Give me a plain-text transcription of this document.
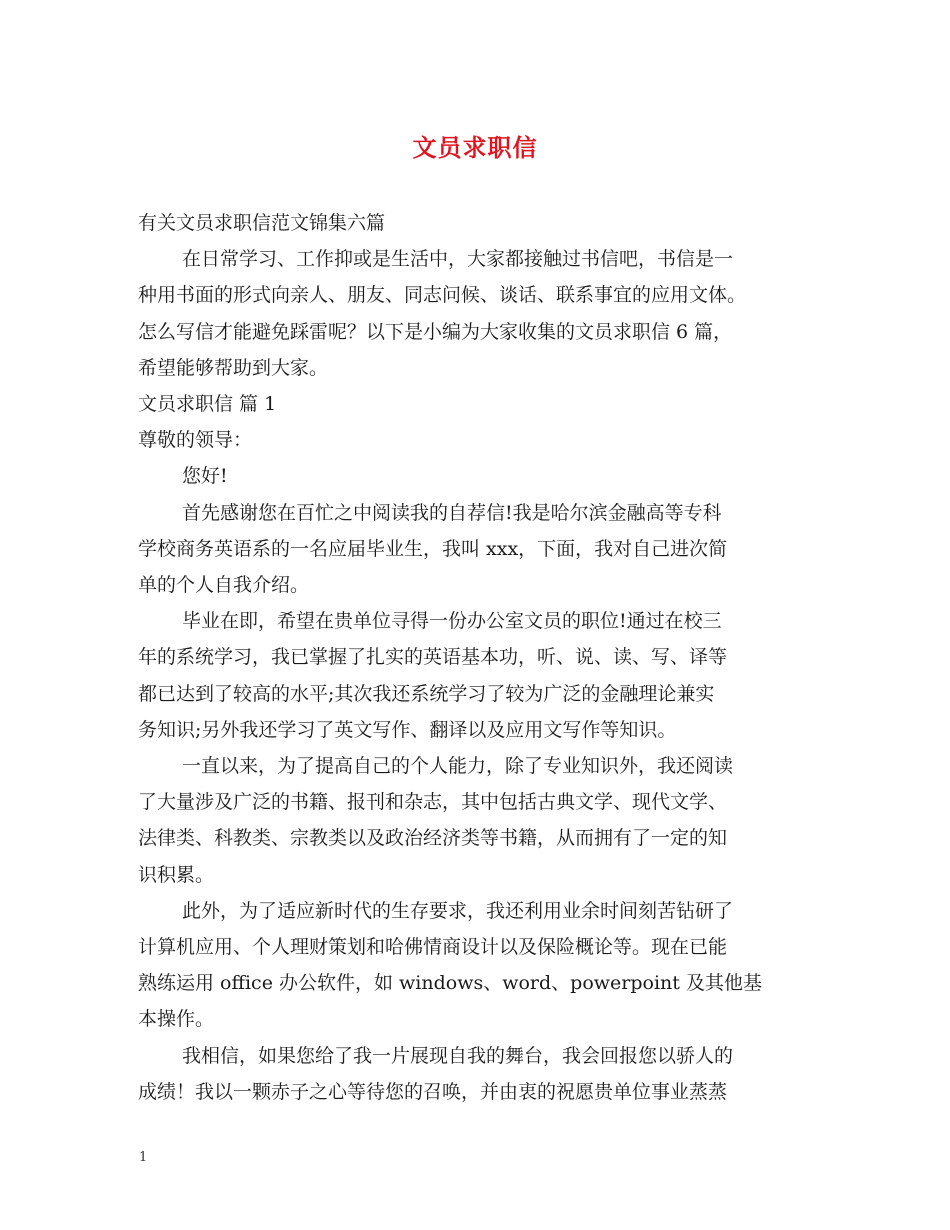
文员求职信
有关文员求职信范文锦集六篇
在日常学习、工作抑或是生活中，大家都接触过书信吧，书信是一
种用书面的形式向亲人、朋友、同志问候、谈话、联系事宜的应用文体。
怎么写信才能避免踩雷呢？以下是小编为大家收集的文员求职信 6 篇，
希望能够帮助到大家。
文员求职信 篇 1
尊敬的领导：
您好!
首先感谢您在百忙之中阅读我的自荐信!我是哈尔滨金融高等专科
学校商务英语系的一名应届毕业生，我叫 xxx，下面，我对自己进次简
单的个人自我介绍。
毕业在即，希望在贵单位寻得一份办公室文员的职位!通过在校三
年的系统学习，我已掌握了扎实的英语基本功，听、说、读、写、译等
都已达到了较高的水平;其次我还系统学习了较为广泛的金融理论兼实
务知识;另外我还学习了英文写作、翻译以及应用文写作等知识。
一直以来，为了提高自己的个人能力，除了专业知识外，我还阅读
了大量涉及广泛的书籍、报刊和杂志，其中包括古典文学、现代文学、
法律类、科教类、宗教类以及政治经济类等书籍，从而拥有了一定的知
识积累。
此外，为了适应新时代的生存要求，我还利用业余时间刻苦钻研了
计算机应用、个人理财策划和哈佛情商设计以及保险概论等。现在已能
熟练运用 office 办公软件，如 windows、word、powerpoint 及其他基
本操作。
我相信，如果您给了我一片展现自我的舞台，我会回报您以骄人的
成绩！我以一颗赤子之心等待您的召唤，并由衷的祝愿贵单位事业蒸蒸
1
